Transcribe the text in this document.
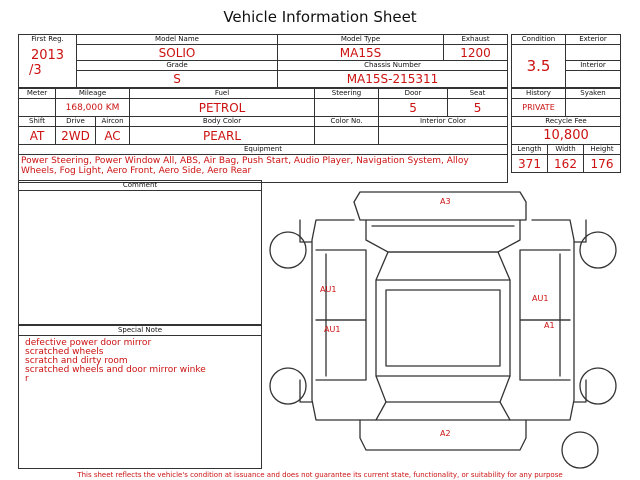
Vehicle Information Sheet
First Reg.
2013
/3	Model Name	Model Type	Exhaust
	SOLIO	MA15S	1200
	Grade	Chassis Number	
	S	MA15S-215311	
Condition	Exterior
3.5	
	Interior

Meter	Mileage		Fuel	Steering	Door	Seat
	168,000 KM		PETROL		5	5
Shift	Drive	Aircon	Body Color	Color No.	Interior Color	
AT	2WD	AC	PEARL			
Equipment						

Power Steering, Power Window All, ABS, Air Bag, Push Start, Audio Player, Navigation System, Alloy Wheels, Fog Light, Aero Front, Aero Side, Aero Rear						
History		Syaken	
PRIVATE			
Recycle Fee			
10,800			
Length	Width		Height
371	162		176
Comment
Special Note
defective power door mirror
scratched wheels
scratch and dirty room
scratched wheels and door mirror winke
r
A3
AU1
AU1
AU1
A1
A2
This sheet reflects the vehicle's condition at issuance and does not guarantee its current state, functionality, or suitability for any purpose
